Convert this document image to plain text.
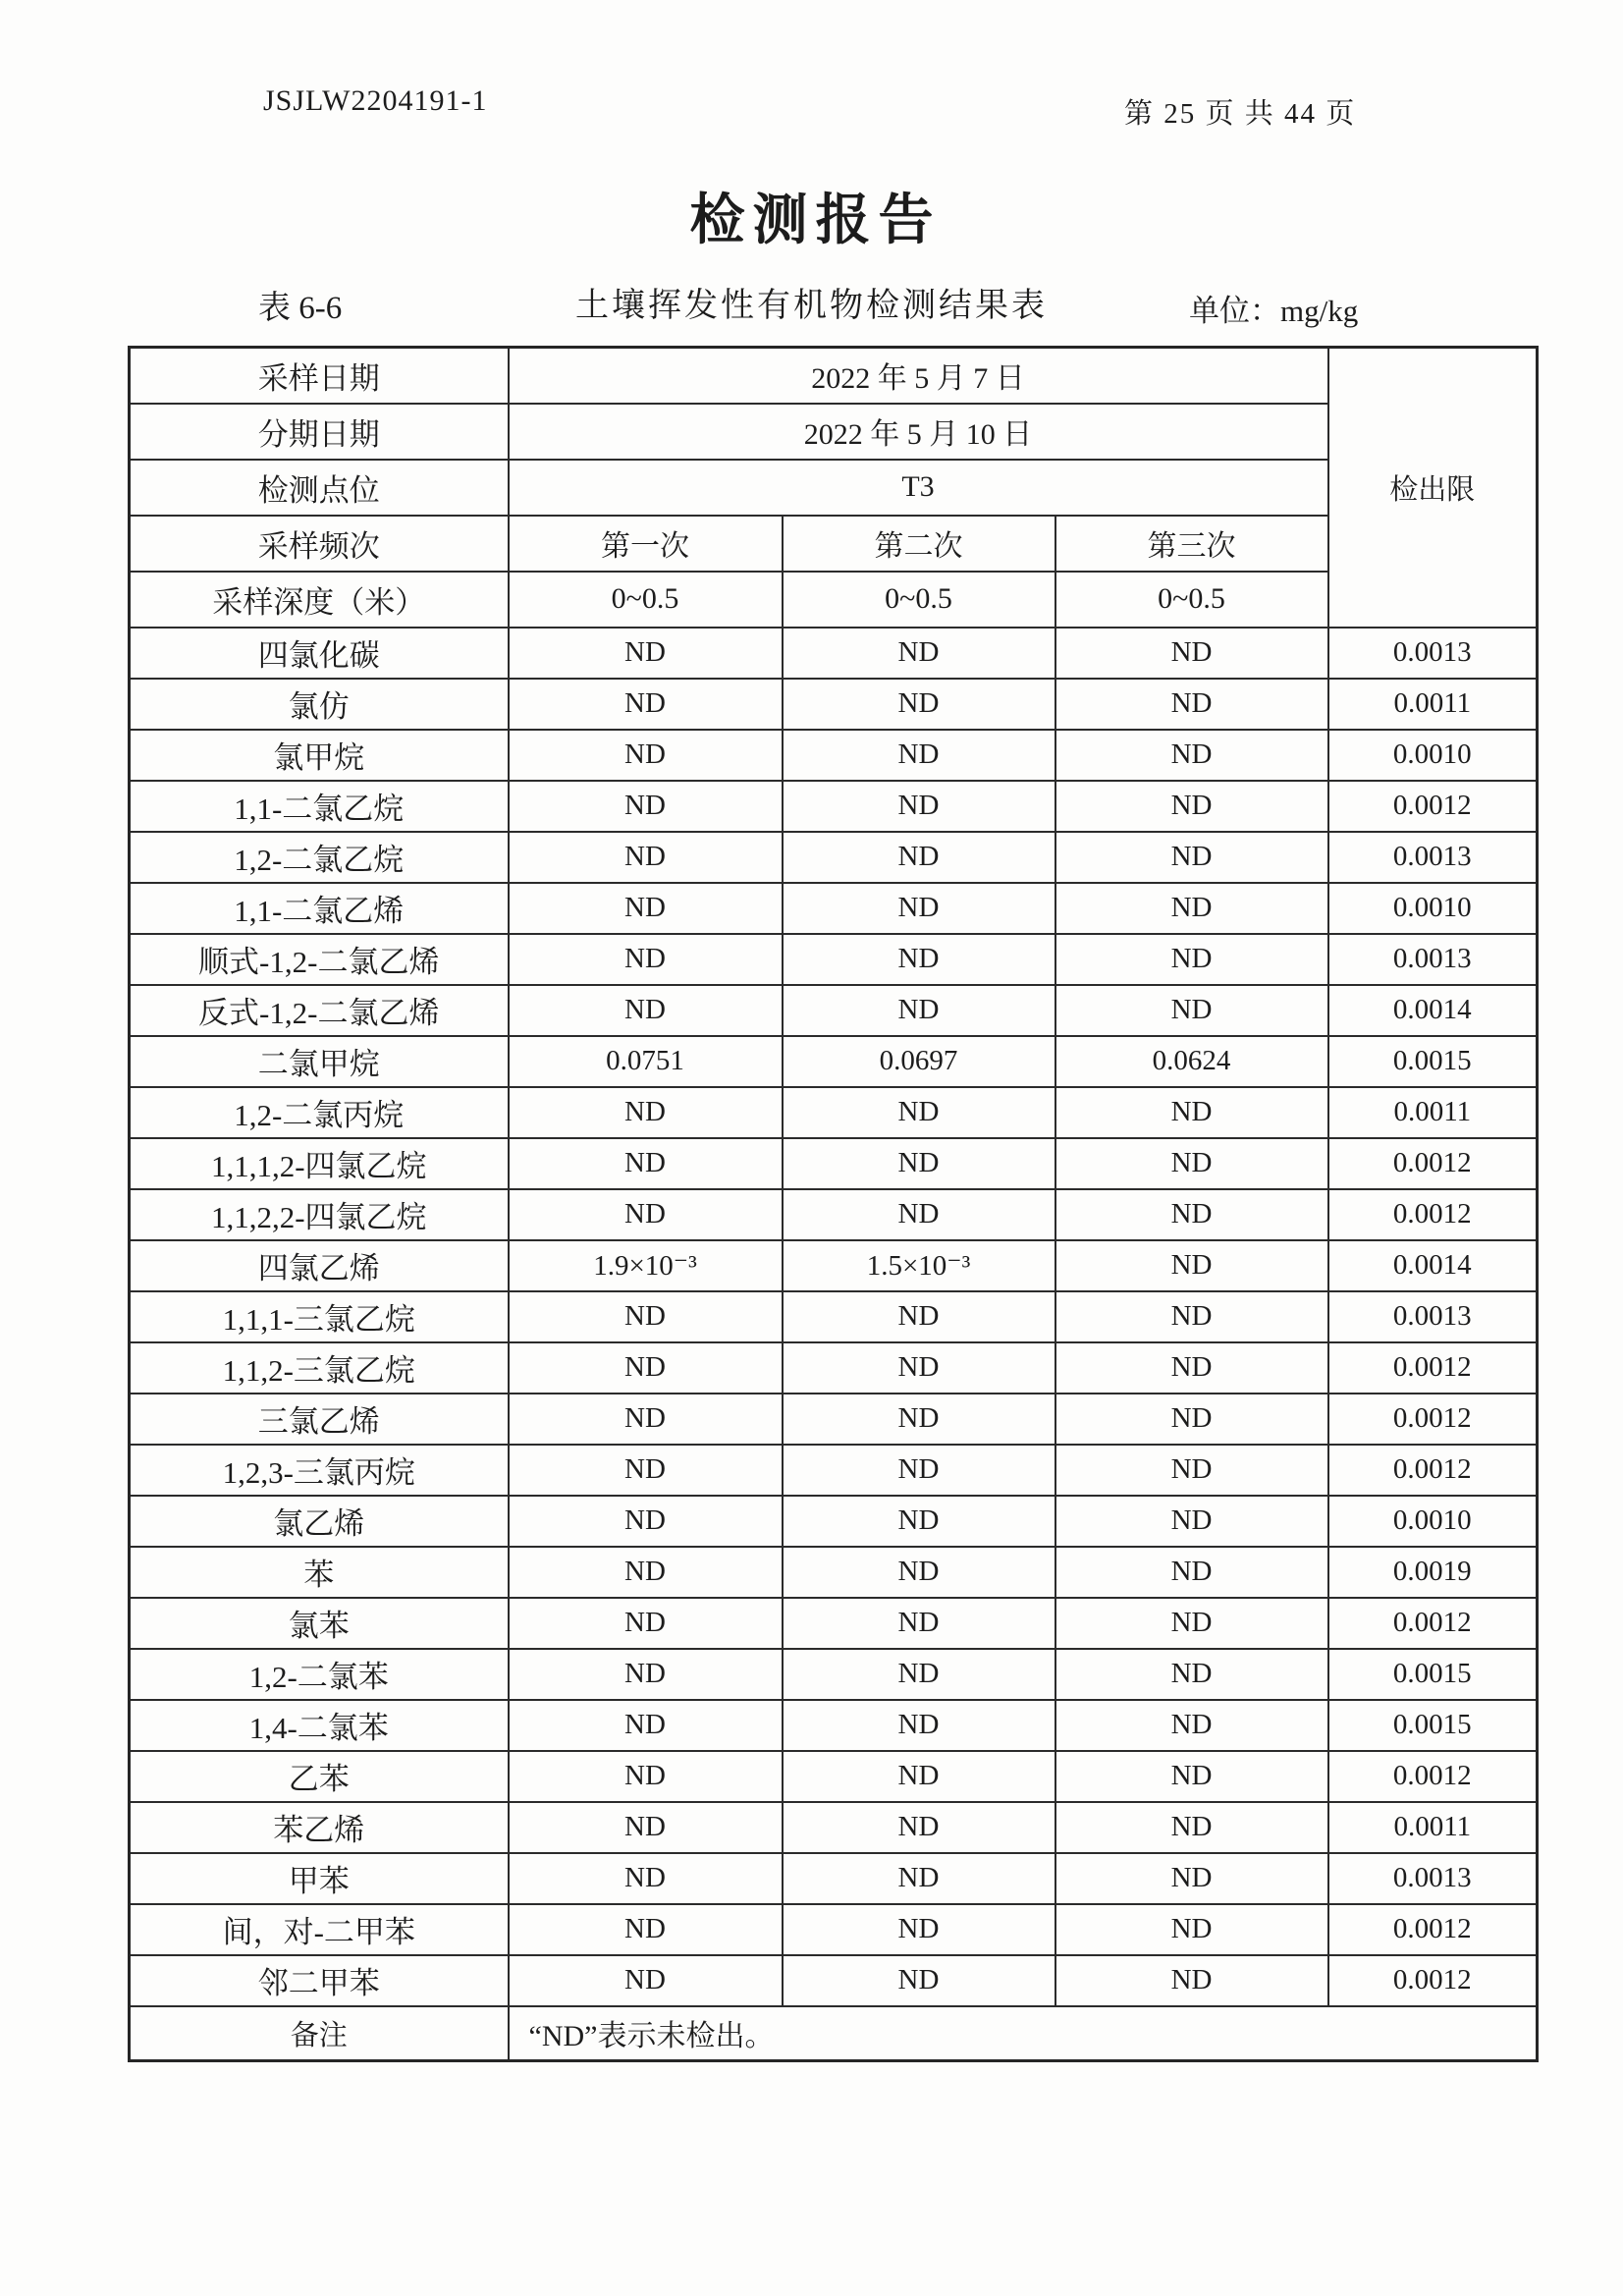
JSJLW2204191-1	第 25 页 共 44 页
检测报告
土壤挥发性有机物检测结果表
表 6-6	单位：mg/kg
采样日期	2022 年 5 月 7 日			检出限
分期日期	2022 年 5 月 10 日			
检测点位	T3			
采样频次	第一次	第二次	第三次	
采样深度（米）	0~0.5	0~0.5	0~0.5	
四氯化碳	ND	ND	ND	0.0013
氯仿	ND	ND	ND	0.0011
氯甲烷	ND	ND	ND	0.0010
1,1-二氯乙烷	ND	ND	ND	0.0012
1,2-二氯乙烷	ND	ND	ND	0.0013
1,1-二氯乙烯	ND	ND	ND	0.0010
顺式-1,2-二氯乙烯	ND	ND	ND	0.0013
反式-1,2-二氯乙烯	ND	ND	ND	0.0014
二氯甲烷	0.0751	0.0697	0.0624	0.0015
1,2-二氯丙烷	ND	ND	ND	0.0011
1,1,1,2-四氯乙烷	ND	ND	ND	0.0012
1,1,2,2-四氯乙烷	ND	ND	ND	0.0012
四氯乙烯	1.9×10⁻³	1.5×10⁻³	ND	0.0014
1,1,1-三氯乙烷	ND	ND	ND	0.0013
1,1,2-三氯乙烷	ND	ND	ND	0.0012
三氯乙烯	ND	ND	ND	0.0012
1,2,3-三氯丙烷	ND	ND	ND	0.0012
氯乙烯	ND	ND	ND	0.0010
苯	ND	ND	ND	0.0019
氯苯	ND	ND	ND	0.0012
1,2-二氯苯	ND	ND	ND	0.0015
1,4-二氯苯	ND	ND	ND	0.0015
乙苯	ND	ND	ND	0.0012
苯乙烯	ND	ND	ND	0.0011
甲苯	ND	ND	ND	0.0013
间，对-二甲苯	ND	ND	ND	0.0012
邻二甲苯	ND	ND	ND	0.0012
备注	“ND”表示未检出。			
